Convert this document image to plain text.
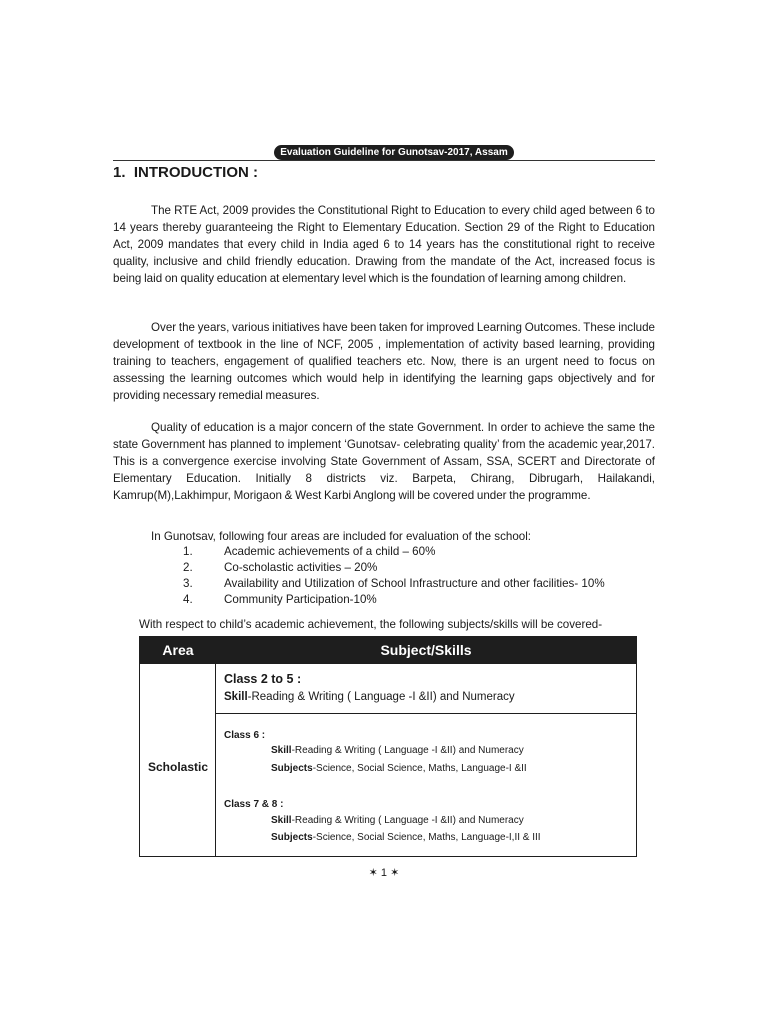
Evaluation Guideline for Gunotsav-2017, Assam
1. INTRODUCTION :

The RTE Act, 2009 provides the Constitutional Right to Education to every child aged between 6 to 14 years thereby guaranteeing the Right to Elementary Education. Section 29 of the Right to Education Act, 2009 mandates that every child in India aged 6 to 14 years has the constitutional right to receive quality, inclusive and child friendly education. Drawing from the mandate of the Act, increased focus is being laid on quality education at elementary level which is the foundation of learning among children.

Over the years, various initiatives have been taken for improved Learning Outcomes. These include development of textbook in the line of NCF, 2005 , implementation of activity based learning, providing training to teachers, engagement of qualified teachers etc. Now, there is an urgent need to focus on assessing the learning outcomes which would help in identifying the learning gaps objectively and for providing necessary remedial measures.

Quality of education is a major concern of the state Government. In order to achieve the same the state Government has planned to implement ‘Gunotsav- celebrating quality’ from the academic year,2017. This is a convergence exercise involving State Government of Assam, SSA, SCERT and Directorate of Elementary Education. Initially 8 districts viz. Barpeta, Chirang, Dibrugarh, Hailakandi, Kamrup(M),Lakhimpur, Morigaon & West Karbi Anglong will be covered under the programme.

In Gunotsav, following four areas are included for evaluation of the school:

1.	Academic achievements of a child – 60%
2.	Co-scholastic activities – 20%
3.	Availability and Utilization of School Infrastructure and other facilities- 10%
4.	Community Participation-10%

With respect to child’s academic achievement, the following subjects/skills will be covered-

Area	Subject/Skills
Scholastic
Class 2 to 5 :
Skill-Reading & Writing ( Language -I &II) and Numeracy
Class 6 :
Skill-Reading & Writing ( Language -I &II) and Numeracy
Subjects-Science, Social Science, Maths, Language-I &II
Class 7 & 8 :
Skill-Reading & Writing ( Language -I &II) and Numeracy
Subjects-Science, Social Science, Maths, Language-I,II & III
✶ 1 ✶
